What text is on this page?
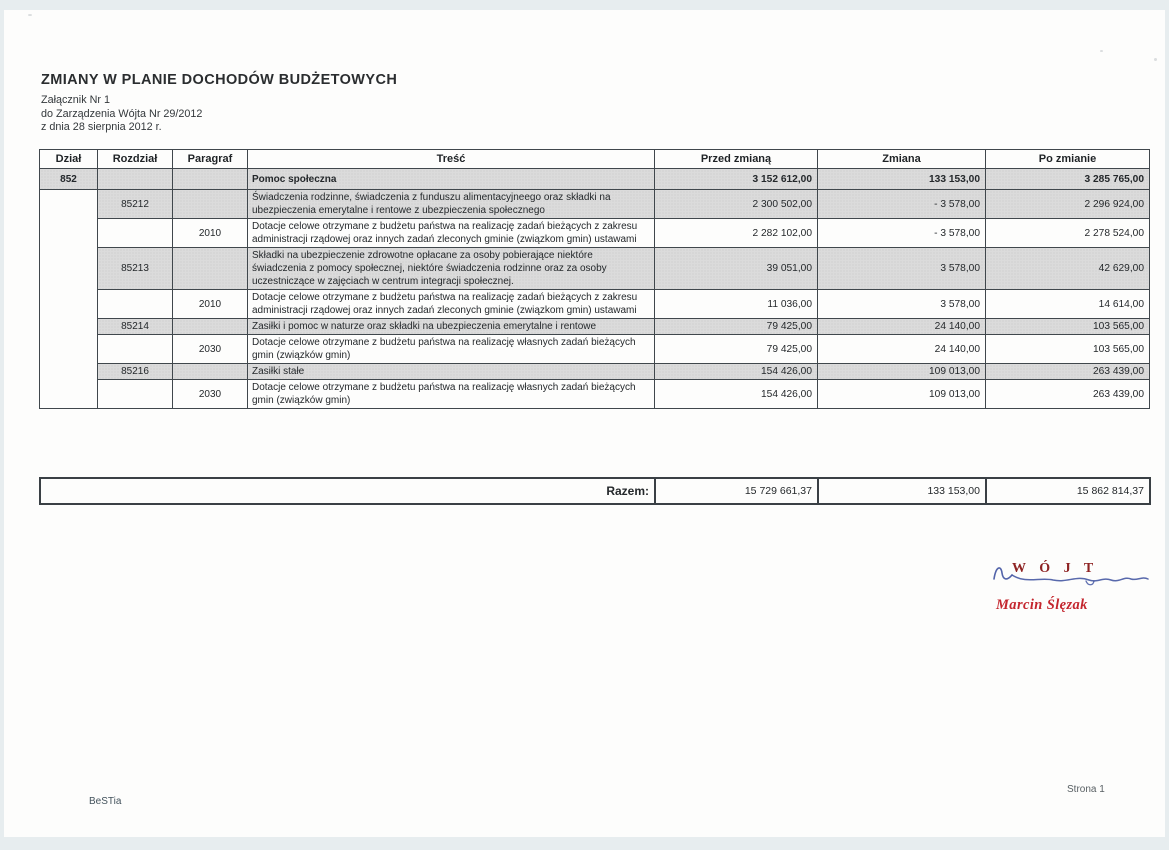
ZMIANY W PLANIE DOCHODÓW BUDŻETOWYCH
Załącznik Nr 1
do Zarządzenia Wójta Nr 29/2012
z dnia 28 sierpnia 2012 r.
Dział	Rozdział	Paragraf	Treść	Przed zmianą	Zmiana	Po zmianie
852			Pomoc społeczna	3 152 612,00	133 153,00	3 285 765,00
	85212		Świadczenia rodzinne, świadczenia z funduszu alimentacyjneego oraz składki na ubezpieczenia emerytalne i rentowe z ubezpieczenia społecznego	2 300 502,00	- 3 578,00	2 296 924,00
		2010	Dotacje celowe otrzymane z budżetu państwa na realizację zadań bieżących z zakresu administracji rządowej oraz innych zadań zleconych gminie (związkom gmin) ustawami	2 282 102,00	- 3 578,00	2 278 524,00
	85213		Składki na ubezpieczenie zdrowotne opłacane za osoby pobierające niektóre świadczenia z pomocy społecznej, niektóre świadczenia rodzinne oraz za osoby uczestniczące w zajęciach w centrum integracji społecznej.	39 051,00	3 578,00	42 629,00
		2010	Dotacje celowe otrzymane z budżetu państwa na realizację zadań bieżących z zakresu administracji rządowej oraz innych zadań zleconych gminie (związkom gmin) ustawami	11 036,00	3 578,00	14 614,00
	85214		Zasiłki i pomoc w naturze oraz składki na ubezpieczenia emerytalne i rentowe	79 425,00	24 140,00	103 565,00
		2030	Dotacje celowe otrzymane z budżetu państwa na realizację własnych zadań bieżących gmin (związków gmin)	79 425,00	24 140,00	103 565,00
	85216		Zasiłki stałe	154 426,00	109 013,00	263 439,00
		2030	Dotacje celowe otrzymane z budżetu państwa na realizację własnych zadań bieżących gmin (związków gmin)	154 426,00	109 013,00	263 439,00
Razem:	15 729 661,37	133 153,00	15 862 814,37
W Ó J T
Marcin Ślęzak
BeSTia
Strona 1
